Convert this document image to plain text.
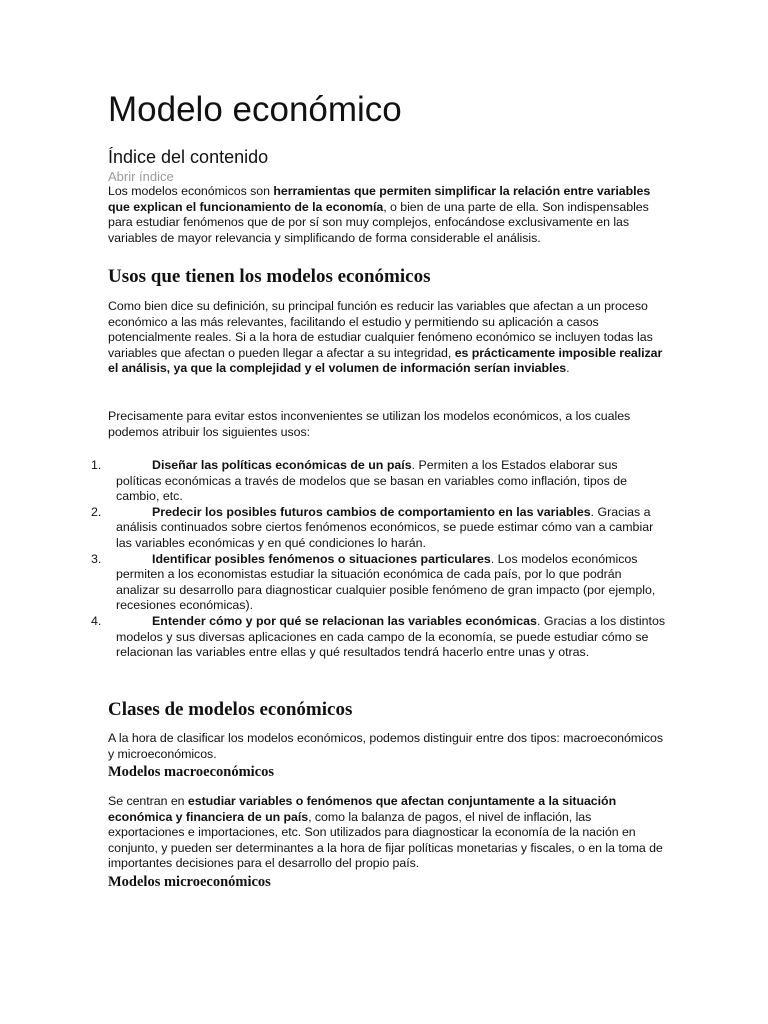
Modelo económico
Índice del contenido
Abrir índice

Los modelos económicos son herramientas que permiten simplificar la relación entre variables que explican el funcionamiento de la economía, o bien de una parte de ella. Son indispensables para estudiar fenómenos que de por sí son muy complejos, enfocándose exclusivamente en las variables de mayor relevancia y simplificando de forma considerable el análisis.

Usos que tienen los modelos económicos

Como bien dice su definición, su principal función es reducir las variables que afectan a un proceso económico a las más relevantes, facilitando el estudio y permitiendo su aplicación a casos potencialmente reales. Si a la hora de estudiar cualquier fenómeno económico se incluyen todas las variables que afectan o pueden llegar a afectar a su integridad, es prácticamente imposible realizar el análisis, ya que la complejidad y el volumen de información serían inviables.

Precisamente para evitar estos inconvenientes se utilizan los modelos económicos, a los cuales podemos atribuir los siguientes usos:

1.	Diseñar las políticas económicas de un país. Permiten a los Estados elaborar sus políticas económicas a través de modelos que se basan en variables como inflación, tipos de cambio, etc.
2.	Predecir los posibles futuros cambios de comportamiento en las variables. Gracias a análisis continuados sobre ciertos fenómenos económicos, se puede estimar cómo van a cambiar las variables económicas y en qué condiciones lo harán.
3.	Identificar posibles fenómenos o situaciones particulares. Los modelos económicos permiten a los economistas estudiar la situación económica de cada país, por lo que podrán analizar su desarrollo para diagnosticar cualquier posible fenómeno de gran impacto (por ejemplo, recesiones económicas).
4.	Entender cómo y por qué se relacionan las variables económicas. Gracias a los distintos modelos y sus diversas aplicaciones en cada campo de la economía, se puede estudiar cómo se relacionan las variables entre ellas y qué resultados tendrá hacerlo entre unas y otras.
Clases de modelos económicos

A la hora de clasificar los modelos económicos, podemos distinguir entre dos tipos: macroeconómicos y microeconómicos.

Modelos macroeconómicos

Se centran en estudiar variables o fenómenos que afectan conjuntamente a la situación económica y financiera de un país, como la balanza de pagos, el nivel de inflación, las exportaciones e importaciones, etc. Son utilizados para diagnosticar la economía de la nación en conjunto, y pueden ser determinantes a la hora de fijar políticas monetarias y fiscales, o en la toma de importantes decisiones para el desarrollo del propio país.

Modelos microeconómicos
